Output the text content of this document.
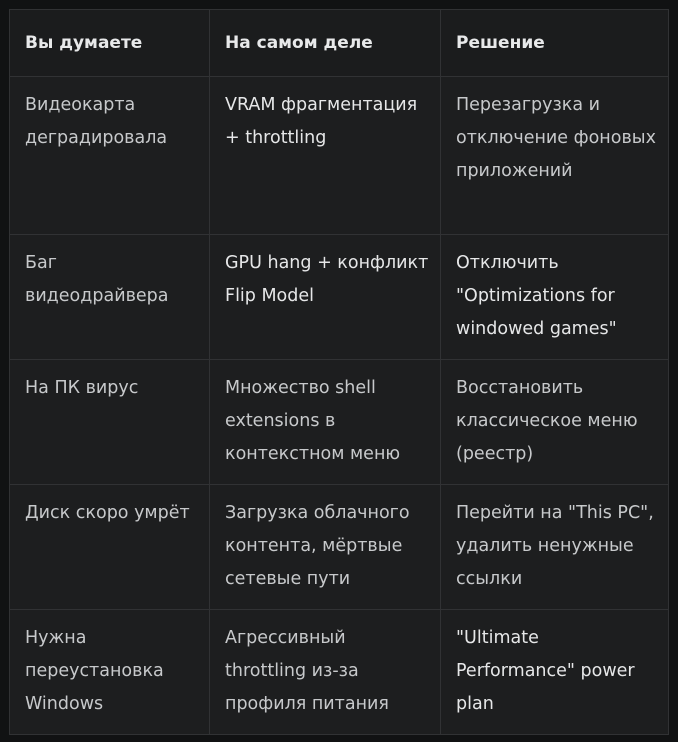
Вы думаете	На самом деле	Решение
Видеокарта деградировала	VRAM фрагментация + throttling	Перезагрузка и отключение фоновых приложений
Баг видеодрайвера	GPU hang + конфликт Flip Model	Отключить "Optimizations for windowed games"
На ПК вирус	Множество shell extensions в контекстном меню	Восстановить классическое меню (реестр)
Диск скоро умрёт	Загрузка облачного контента, мёртвые сетевые пути	Перейти на "This PC", удалить ненужные ссылки
Нужна переустановка Windows	Агрессивный throttling из-за профиля питания	"Ultimate Performance" power plan
